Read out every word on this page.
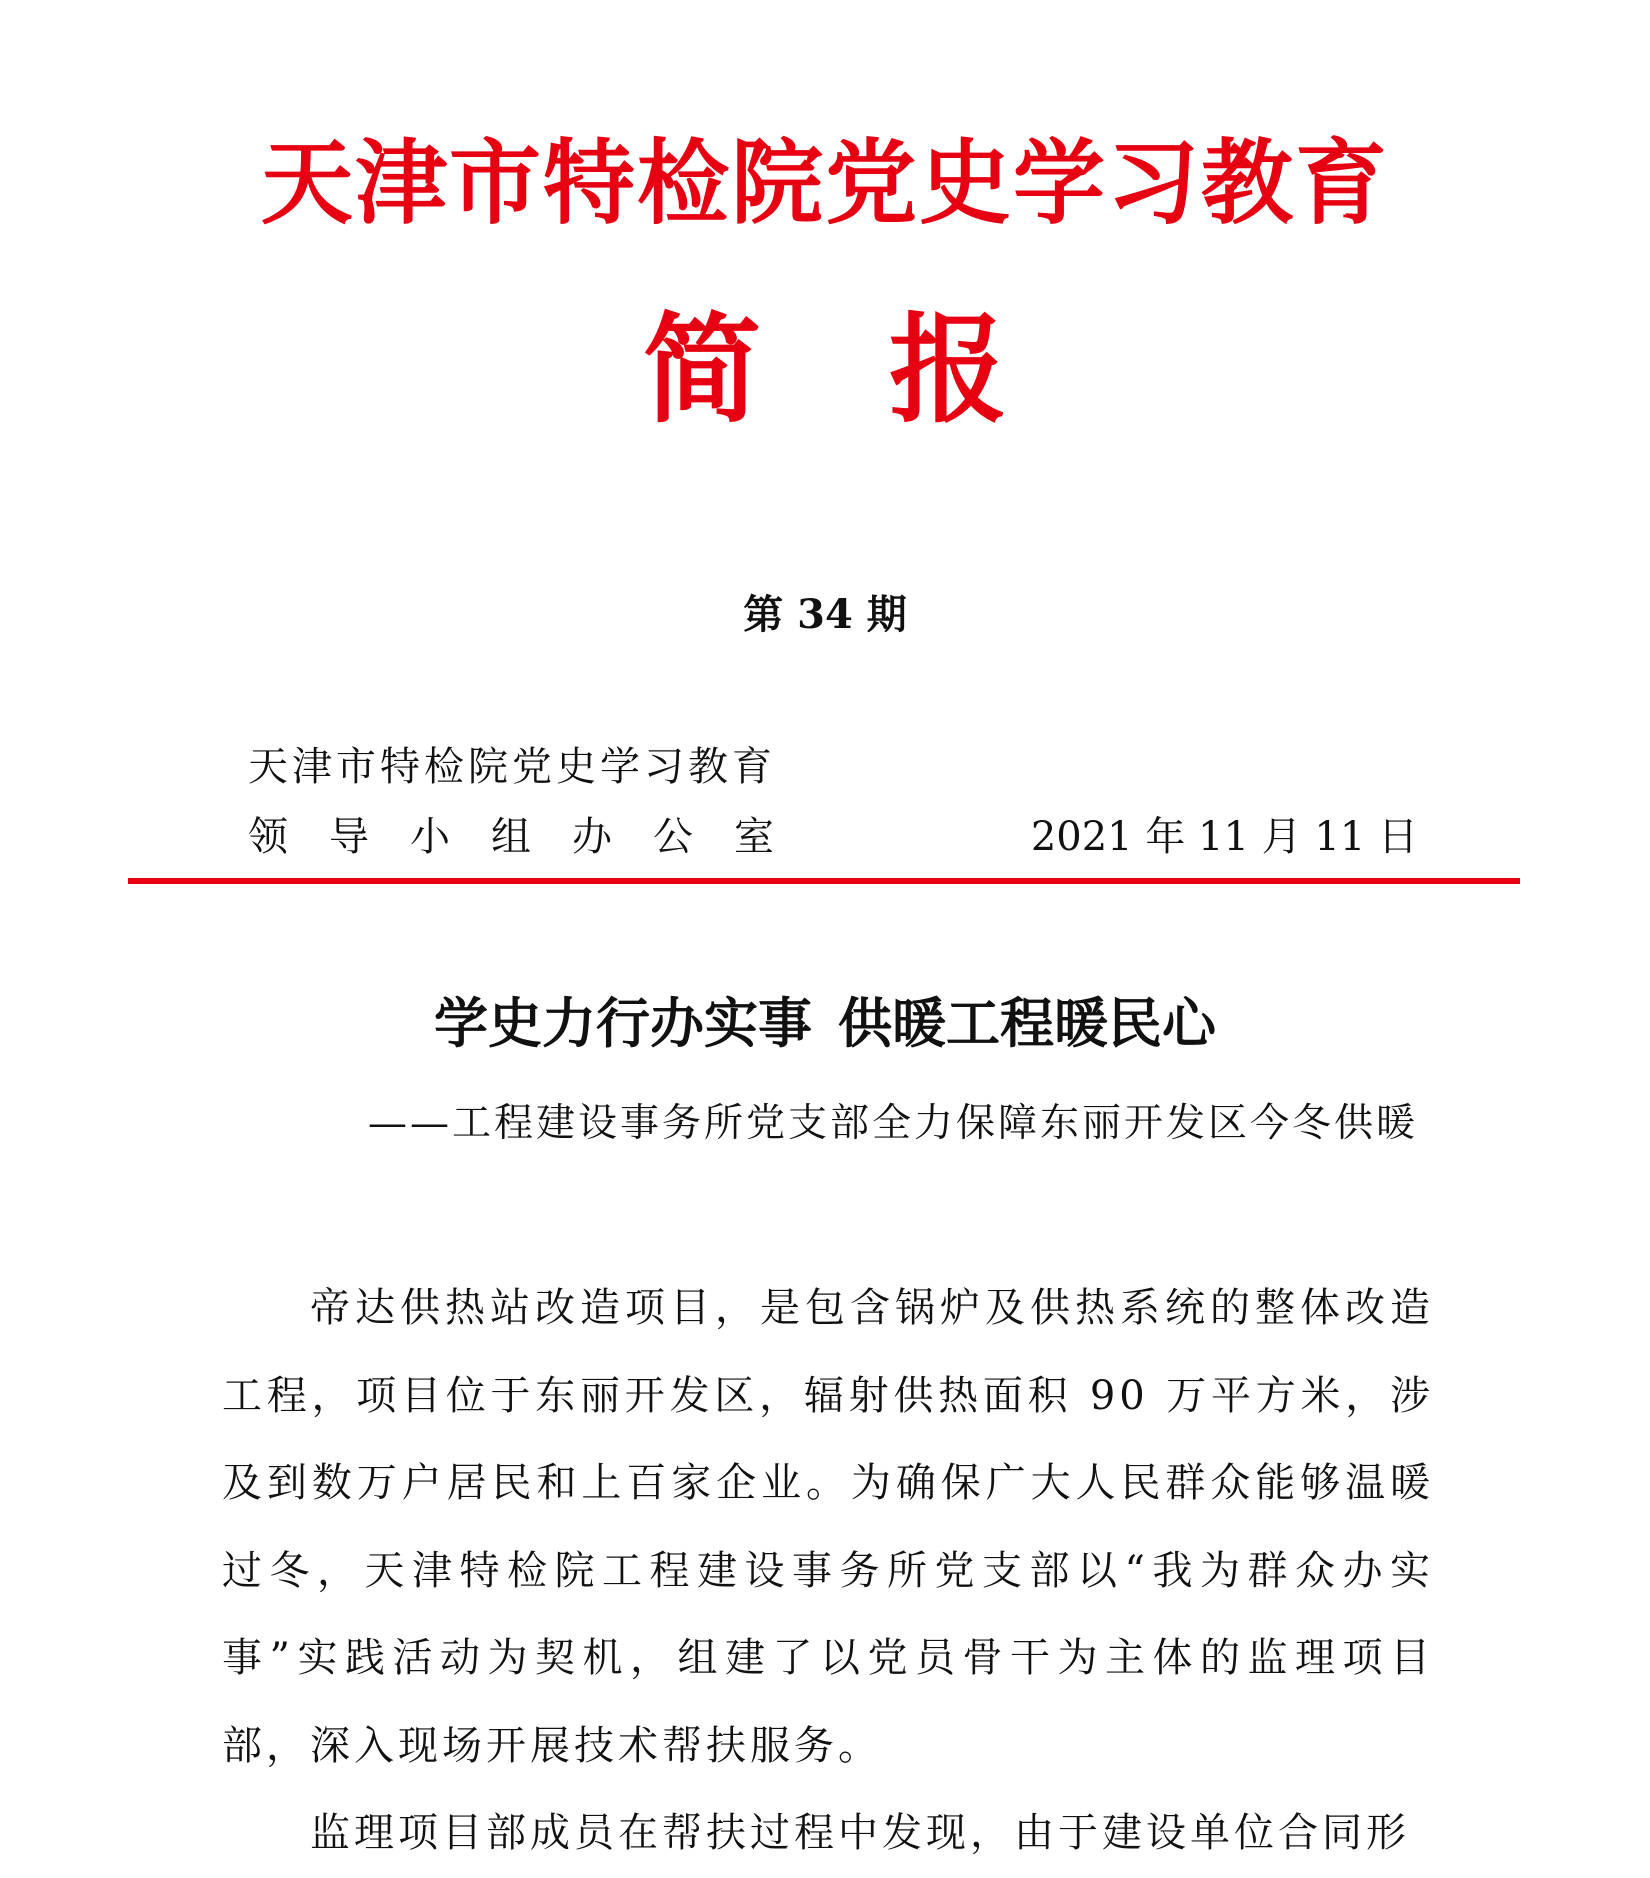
天津市特检院党史学习教育
简 报
第 34 期
天津市特检院党史学习教育
领导小组办公室	2021 年 11 月 11 日
学史力行办实事 供暖工程暖民心
——工程建设事务所党支部全力保障东丽开发区今冬供暖

帝达供热站改造项目，是包含锅炉及供热系统的整体改造工程，项目位于东丽开发区，辐射供热面积 90 万平方米，涉及到数万户居民和上百家企业。为确保广大人民群众能够温暖过冬，天津特检院工程建设事务所党支部以“我为群众办实事”实践活动为契机，组建了以党员骨干为主体的监理项目部，深入现场开展技术帮扶服务。

监理项目部成员在帮扶过程中发现，由于建设单位合同形
